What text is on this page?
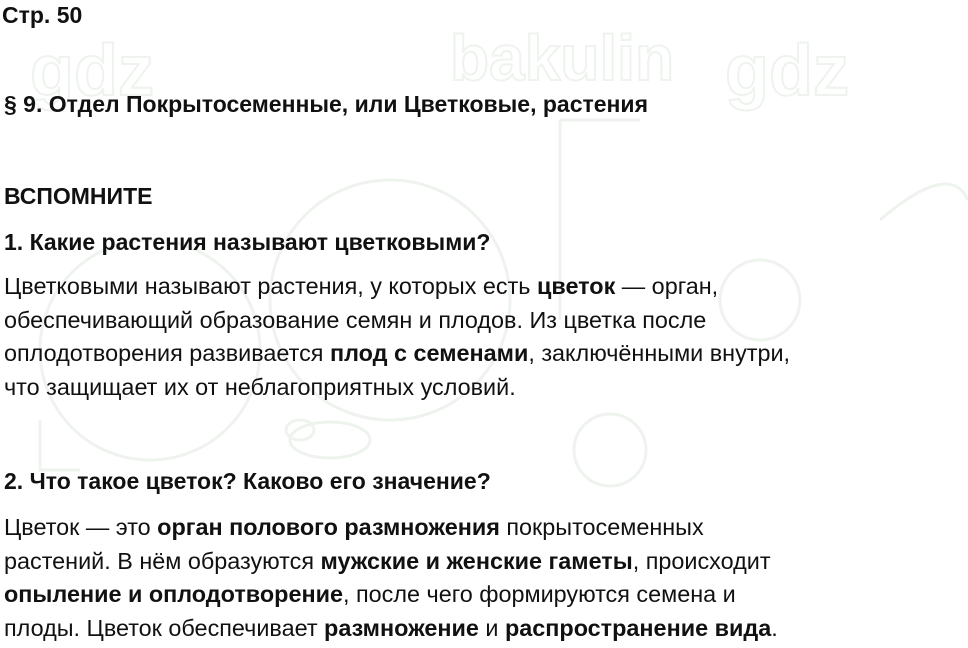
gdz	bakulin gdz
Стр. 50
§ 9. Отдел Покрытосеменные, или Цветковые, растения
ВСПОМНИТЕ
1. Какие растения называют цветковыми?
Цветковыми называют растения, у которых есть цветок — орган,
обеспечивающий образование семян и плодов. Из цветка после
оплодотворения развивается плод с семенами, заключёнными внутри,
что защищает их от неблагоприятных условий.
2. Что такое цветок? Каково его значение?
Цветок — это орган полового размножения покрытосеменных
растений. В нём образуются мужские и женские гаметы, происходит
опыление и оплодотворение, после чего формируются семена и
плоды. Цветок обеспечивает размножение и распространение вида.
